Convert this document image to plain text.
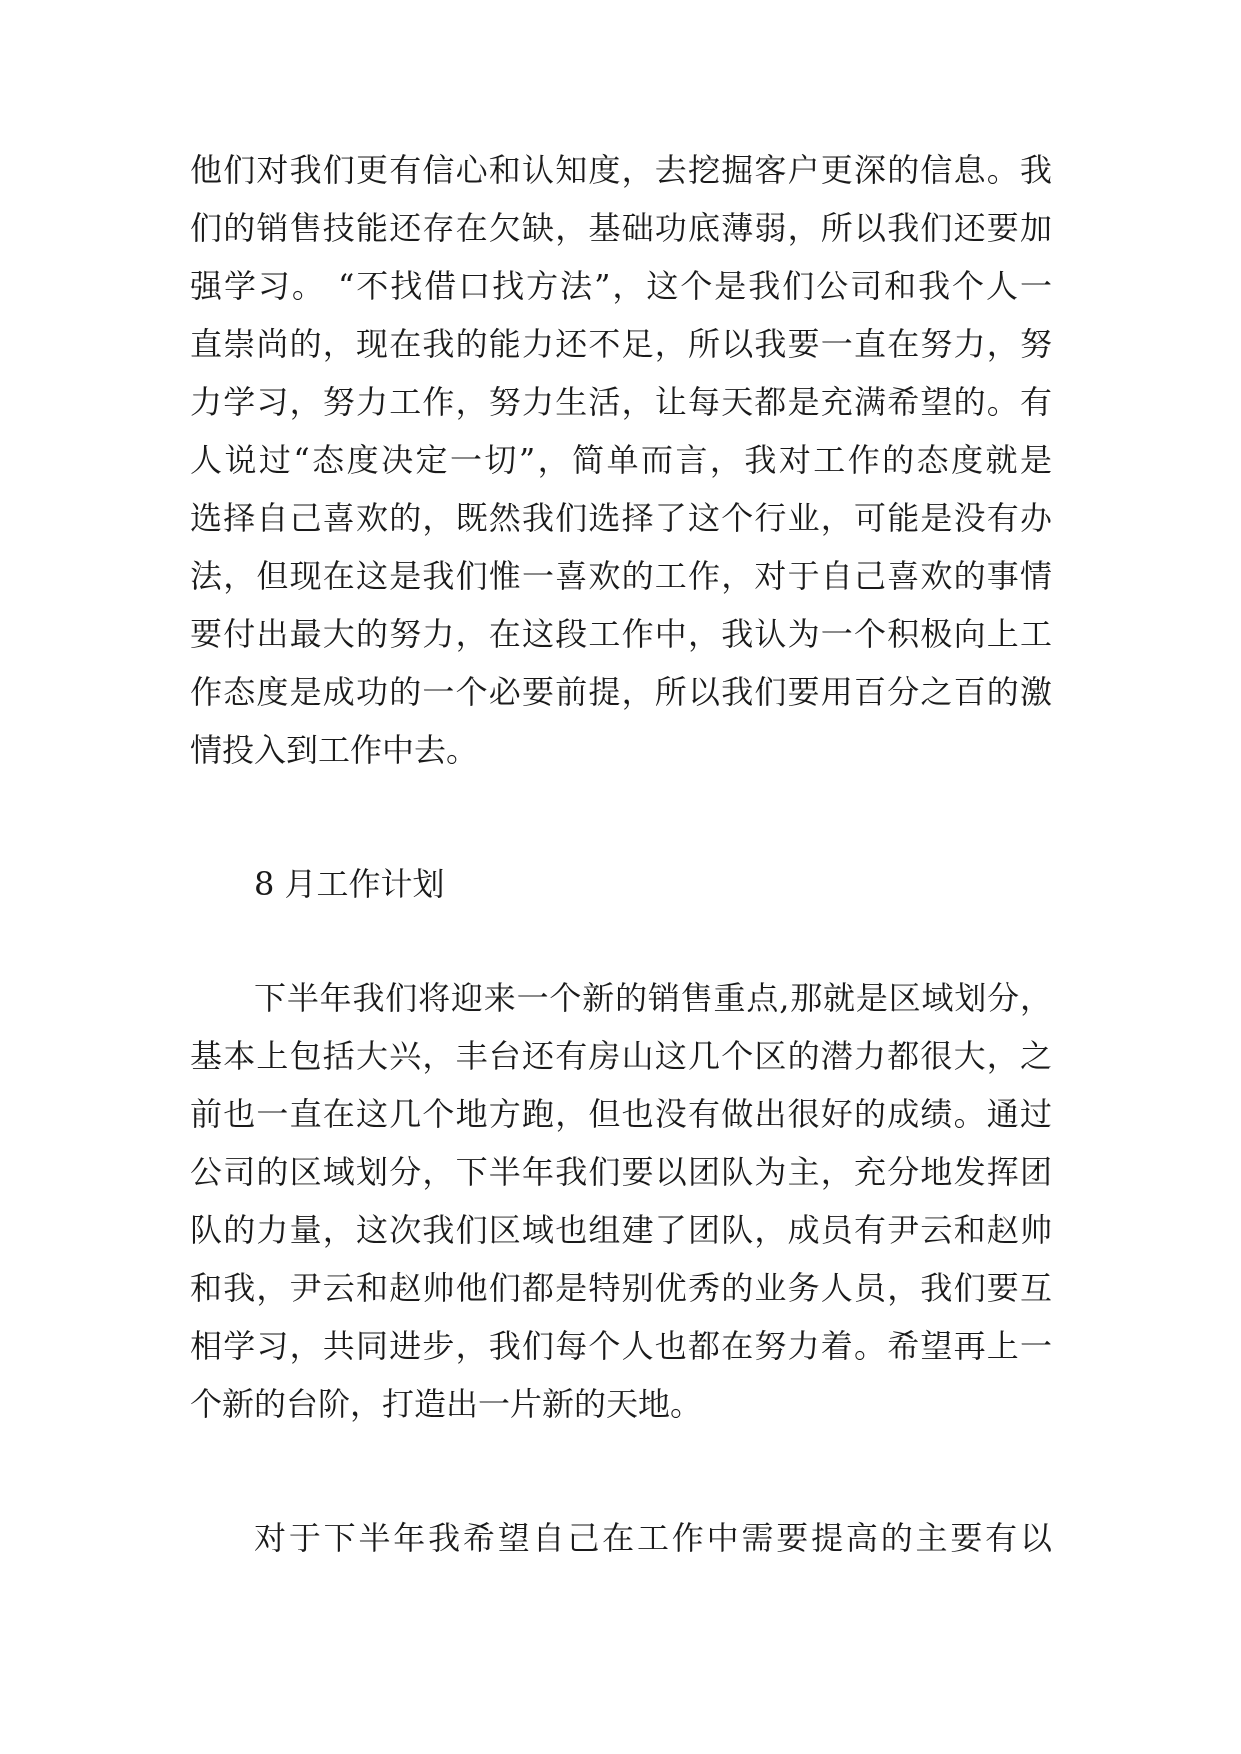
他们对我们更有信心和认知度，去挖掘客户更深的信息。我

们的销售技能还存在欠缺，基础功底薄弱，所以我们还要加

强学习。 “不找借口找方法”，这个是我们公司和我个人一

直崇尚的，现在我的能力还不足，所以我要一直在努力，努

力学习，努力工作，努力生活，让每天都是充满希望的。有

人说过“态度决定一切”，简单而言，我对工作的态度就是

选择自己喜欢的，既然我们选择了这个行业，可能是没有办

法，但现在这是我们惟一喜欢的工作，对于自己喜欢的事情

要付出最大的努力，在这段工作中，我认为一个积极向上工

作态度是成功的一个必要前提，所以我们要用百分之百的激

情投入到工作中去。

8 月工作计划

下半年我们将迎来一个新的销售重点,那就是区域划分，

基本上包括大兴，丰台还有房山这几个区的潜力都很大，之

前也一直在这几个地方跑，但也没有做出很好的成绩。通过

公司的区域划分，下半年我们要以团队为主，充分地发挥团

队的力量，这次我们区域也组建了团队，成员有尹云和赵帅

和我，尹云和赵帅他们都是特别优秀的业务人员，我们要互

相学习，共同进步，我们每个人也都在努力着。希望再上一

个新的台阶，打造出一片新的天地。

对于下半年我希望自己在工作中需要提高的主要有以
